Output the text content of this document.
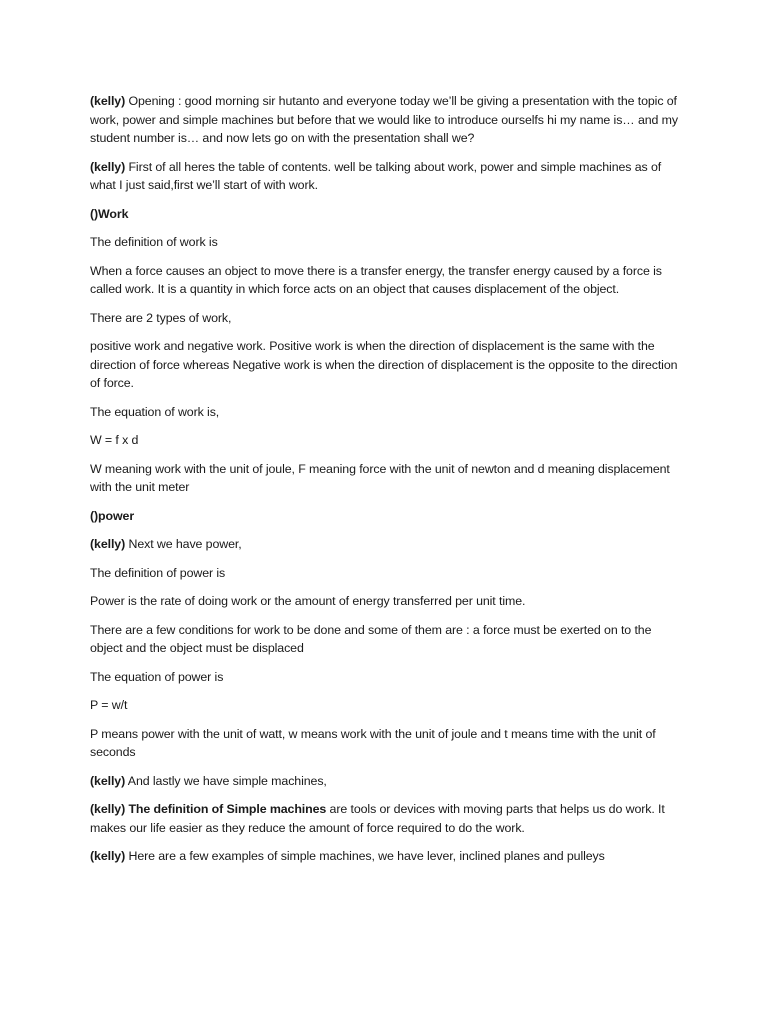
(kelly) Opening : good morning sir hutanto and everyone today we’ll be giving a presentation with the topic of work, power and simple machines but before that we would like to introduce ourselfs hi my name is… and my student number is… and now lets go on with the presentation shall we?

(kelly) First of all heres the table of contents. well be talking about work, power and simple machines as of what I just said,first we’ll start of with work.

()Work

The definition of work is

When a force causes an object to move there is a transfer energy, the transfer energy caused by a force is called work. It is a quantity in which force acts on an object that causes displacement of the object.

There are 2 types of work,

positive work and negative work. Positive work is when the direction of displacement is the same with the direction of force whereas Negative work is when the direction of displacement is the opposite to the direction of force.

The equation of work is,

W = f x d

W meaning work with the unit of joule, F meaning force with the unit of newton and d meaning displacement with the unit meter

()power

(kelly) Next we have power,

The definition of power is

Power is the rate of doing work or the amount of energy transferred per unit time.

There are a few conditions for work to be done and some of them are : a force must be exerted on to the object and the object must be displaced

The equation of power is

P = w/t

P means power with the unit of watt, w means work with the unit of joule and t means time with the unit of seconds

(kelly) And lastly we have simple machines,

(kelly) The definition of Simple machines are tools or devices with moving parts that helps us do work. It makes our life easier as they reduce the amount of force required to do the work.

(kelly) Here are a few examples of simple machines, we have lever, inclined planes and pulleys
